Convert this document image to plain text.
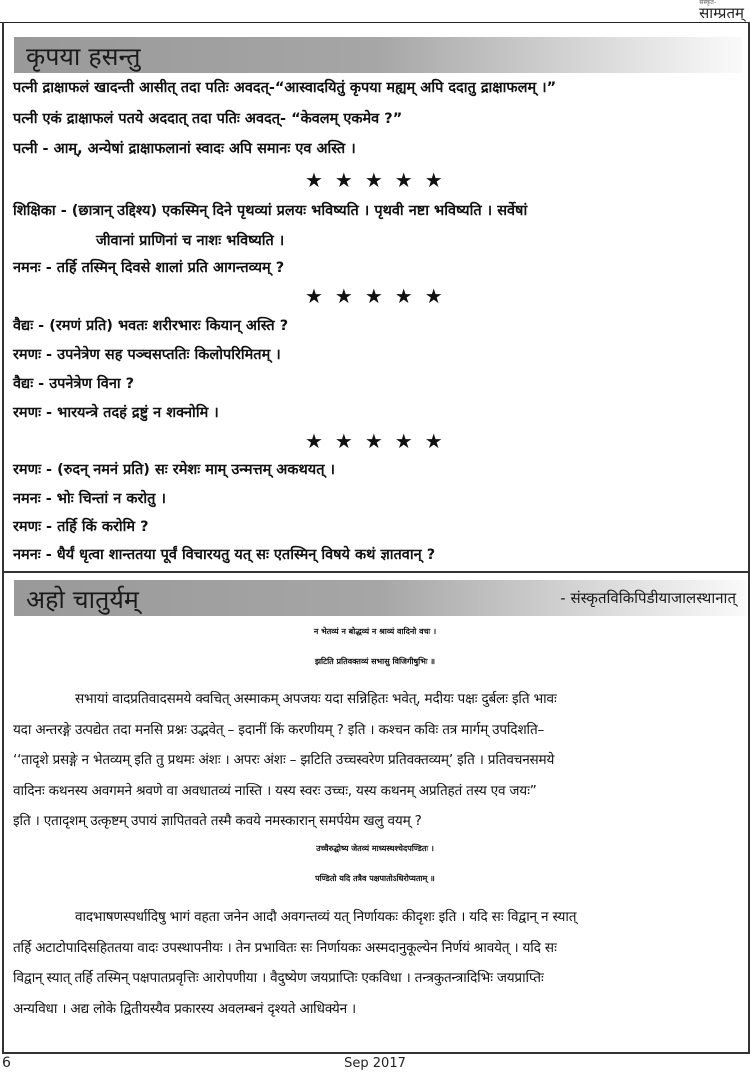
संस्कृत-
साम्प्रतम्
कृपया हसन्तु
पत्नी द्राक्षाफलं खादन्ती आसीत् तदा पतिः अवदत्-“आस्वादयितुं कृपया मह्यम् अपि ददातु द्राक्षाफलम् ।”
पत्नी एकं द्राक्षाफलं पतये अददात् तदा पतिः अवदत्- “केवलम् एकमेव ?”
पत्नी - आम्, अन्येषां द्राक्षाफलानां स्वादः अपि समानः एव अस्ति ।
★★★★★
शिक्षिका - (छात्रान् उद्दिश्य) एकस्मिन् दिने पृथव्यां प्रलयः भविष्यति । पृथवी नष्टा भविष्यति । सर्वेषां
जीवानां प्राणिनां च नाशः भविष्यति ।
नमनः - तर्हि तस्मिन् दिवसे शालां प्रति आगन्तव्यम् ?
★★★★★
वैद्यः - (रमणं प्रति) भवतः शरीरभारः कियान् अस्ति ?
रमणः - उपनेत्रेण सह पञ्चसप्ततिः किलोपरिमितम् ।
वैद्यः - उपनेत्रेण विना ?
रमणः - भारयन्त्रे तदहं द्रष्टुं न शक्नोमि ।
★★★★★
रमणः - (रुदन् नमनं प्रति) सः रमेशः माम् उन्मत्तम् अकथयत् ।
नमनः - भोः चिन्तां न करोतु ।
रमणः - तर्हि किं करोमि ?
नमनः - धैर्यं धृत्वा शान्ततया पूर्वं विचारयतु यत् सः एतस्मिन् विषये कथं ज्ञातवान् ?
अहो चातुर्यम्	- संस्कृतविकिपिडीयाजालस्थानात्
न भेतव्यं न बोद्धव्यं न श्राव्यं वादिनो वचः ।
झटिति प्रतिवक्तव्यं सभासु विजिगीषुभिः ॥
सभायां वादप्रतिवादसमये क्वचित् अस्माकम् अपजयः यदा सन्निहितः भवेत्, मदीयः पक्षः दुर्बलः इति भावः
यदा अन्तरङ्गे उत्पद्येत तदा मनसि प्रश्नः उद्भवेत् – इदानीं किं करणीयम् ? इति । कश्चन कविः तत्र मार्गम् उपदिशति–
‘‘तादृशे प्रसङ्गे न भेतव्यम् इति तु प्रथमः अंशः । अपरः अंशः – झटिति उच्चस्वरेण प्रतिवक्तव्यम्’ इति । प्रतिवचनसमये
वादिनः कथनस्य अवगमने श्रवणे वा अवधातव्यं नास्ति । यस्य स्वरः उच्चः, यस्य कथनम् अप्रतिहतं तस्य एव जयः”
इति । एतादृशम् उत्कृष्टम् उपायं ज्ञापितवते तस्मै कवये नमस्कारान् समर्पयेम खलु वयम् ?
उच्चैरुद्घोष्य जेतव्यं माध्यस्थश्चेदपण्डितः ।
पण्डितो यदि तत्रैव पक्षपातोऽधिरोप्यताम् ॥
वादभाषणस्पर्धादिषु भागं वहता जनेन आदौ अवगन्तव्यं यत् निर्णायकः कीदृशः इति । यदि सः विद्वान् न स्यात्
तर्हि अटाटोपादिसहिततया वादः उपस्थापनीयः । तेन प्रभावितः सः निर्णायकः अस्मदानुकूल्येन निर्णयं श्रावयेत् । यदि सः
विद्वान् स्यात् तर्हि तस्मिन् पक्षपातप्रवृत्तिः आरोपणीया । वैदुष्येण जयप्राप्तिः एकविधा । तन्त्रकुतन्त्रादिभिः जयप्राप्तिः
अन्यविधा । अद्य लोके द्वितीयस्यैव प्रकारस्य अवलम्बनं दृश्यते आधिक्येन ।
6	Sep 2017
